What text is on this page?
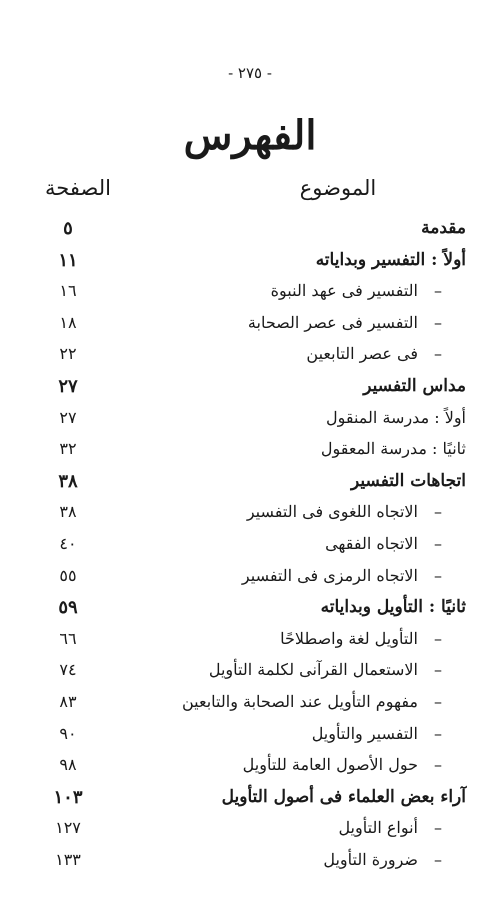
- ٢٧٥ -
الفهرس
الموضوع
الصفحة
مقدمة
٥
أولاً : التفسير وبداياته
١١
–
التفسير فى عهد النبوة
١٦
–
التفسير فى عصر الصحابة
١٨
–
فى عصر التابعين
٢٢
مداس التفسير
٢٧
أولاً : مدرسة المنقول
٢٧
ثانيًا : مدرسة المعقول
٣٢
اتجاهات التفسير
٣٨
–
الاتجاه اللغوى فى التفسير
٣٨
–
الاتجاه الفقهى
٤٠
–
الاتجاه الرمزى فى التفسير
٥٥
ثانيًا : التأويل وبداياته
٥٩
–
التأويل لغة واصطلاحًا
٦٦
–
الاستعمال القرآنى لكلمة التأويل
٧٤
–
مفهوم التأويل عند الصحابة والتابعين
٨٣
–
التفسير والتأويل
٩٠
–
حول الأصول العامة للتأويل
٩٨
آراء بعض العلماء فى أصول التأويل
١٠٣
–
أنواع التأويل
١٢٧
–
ضرورة التأويل
١٣٣
